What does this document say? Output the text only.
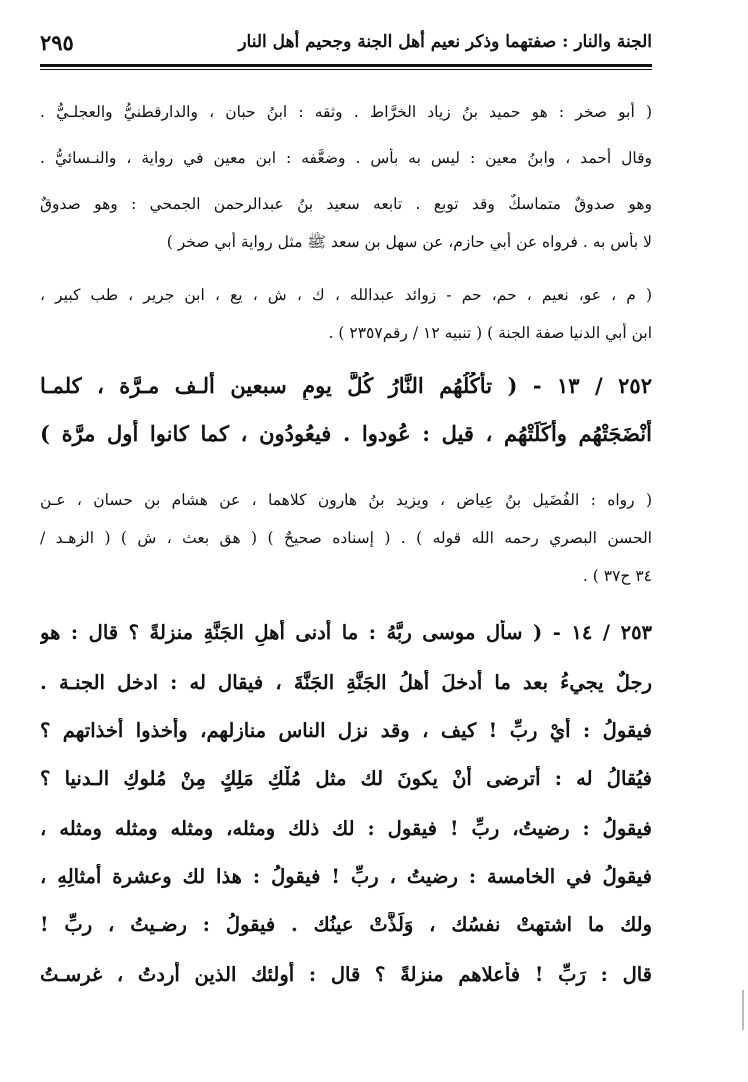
الجنة والنار : صفتهما وذكر نعيم أهل الجنة وجحيم أهل النار
٢٩٥
( أبو صخر : هو حميد بنُ زياد الخرَّاط . وثقه : ابنُ حبان ، والدارقطنيُّ والعجلـيُّ .
وقال أحمد ، وابنُ معين : ليس به بأس . وضعَّفه : ابن معين في رواية ، والنـسائيُّ .
وهو صدوقٌ متماسكٌ وقد توبع . تابعه سعيد بنُ عبدالرحمن الجمحي : وهو صدوقٌ
لا بأس به . فرواه عن أبي حازم، عن سهل بن سعد ﷺ مثل رواية أبي صخر )
( م ، عو، نعيم ، حم، حم - زوائد عبدالله ، ك ، ش ، يع ، ابن جرير ، طب كبير ،
ابن أبي الدنيا صفة الجنة ) ( تنبيه ١٢ / رقم٢٣٥٧ ) .
٢٥٢ / ١٣ - ( تأكُلُهُم النَّارُ كُلَّ يومٍ سبعين ألـف مـرَّة ، كلمـا
أنْضَجَتْهُم وأكَلَتْهُم ، قيل : عُودوا . فيعُودُون ، كما كانوا أول مرَّة )
( رواه : الفُضَيل بنُ عِياض ، ويزيد بنُ هارون كلاهما ، عن هشام بن حسان ، عـن
الحسن البصري رحمه الله قوله ) . ( إسناده صحيحٌ ) ( هق بعث ، ش ) ( الزهـد /
٣٤ ح٣٧ ) .
٢٥٣ / ١٤ - ( سأل موسى ربَّهُ : ما أدنى أهلِ الجَنَّةِ منزلةً ؟ قال : هو
رجلٌ يجيءُ بعد ما أُدخلَ أهلُ الجَنَّةِ الجَنَّةَ ، فيقال له : ادخل الجنـة .
فيقولُ : أيْ ربِّ ! كيف ، وقد نزل الناس منازلهم، وأخذوا أخذاتهم ؟
فيُقالُ له : أترضى أنْ يكونَ لك مثل مُلْكِ مَلِكٍ مِنْ مُلوكِ الـدنيا ؟
فيقولُ : رضيتُ، ربِّ ! فيقول : لك ذلك ومثله، ومثله ومثله ومثله ،
فيقولُ في الخامسة : رضيتُ ، ربِّ ! فيقولُ : هذا لك وعشرة أمثالِهِ ،
ولك ما اشتهتْ نفسُك ، وَلَذَّتْ عينُك . فيقولُ : رضـيتُ ، ربِّ !
قال : رَبِّ ! فأعلاهم منزلةً ؟ قال : أولئك الذين أردتُ ، غرسـتُ
